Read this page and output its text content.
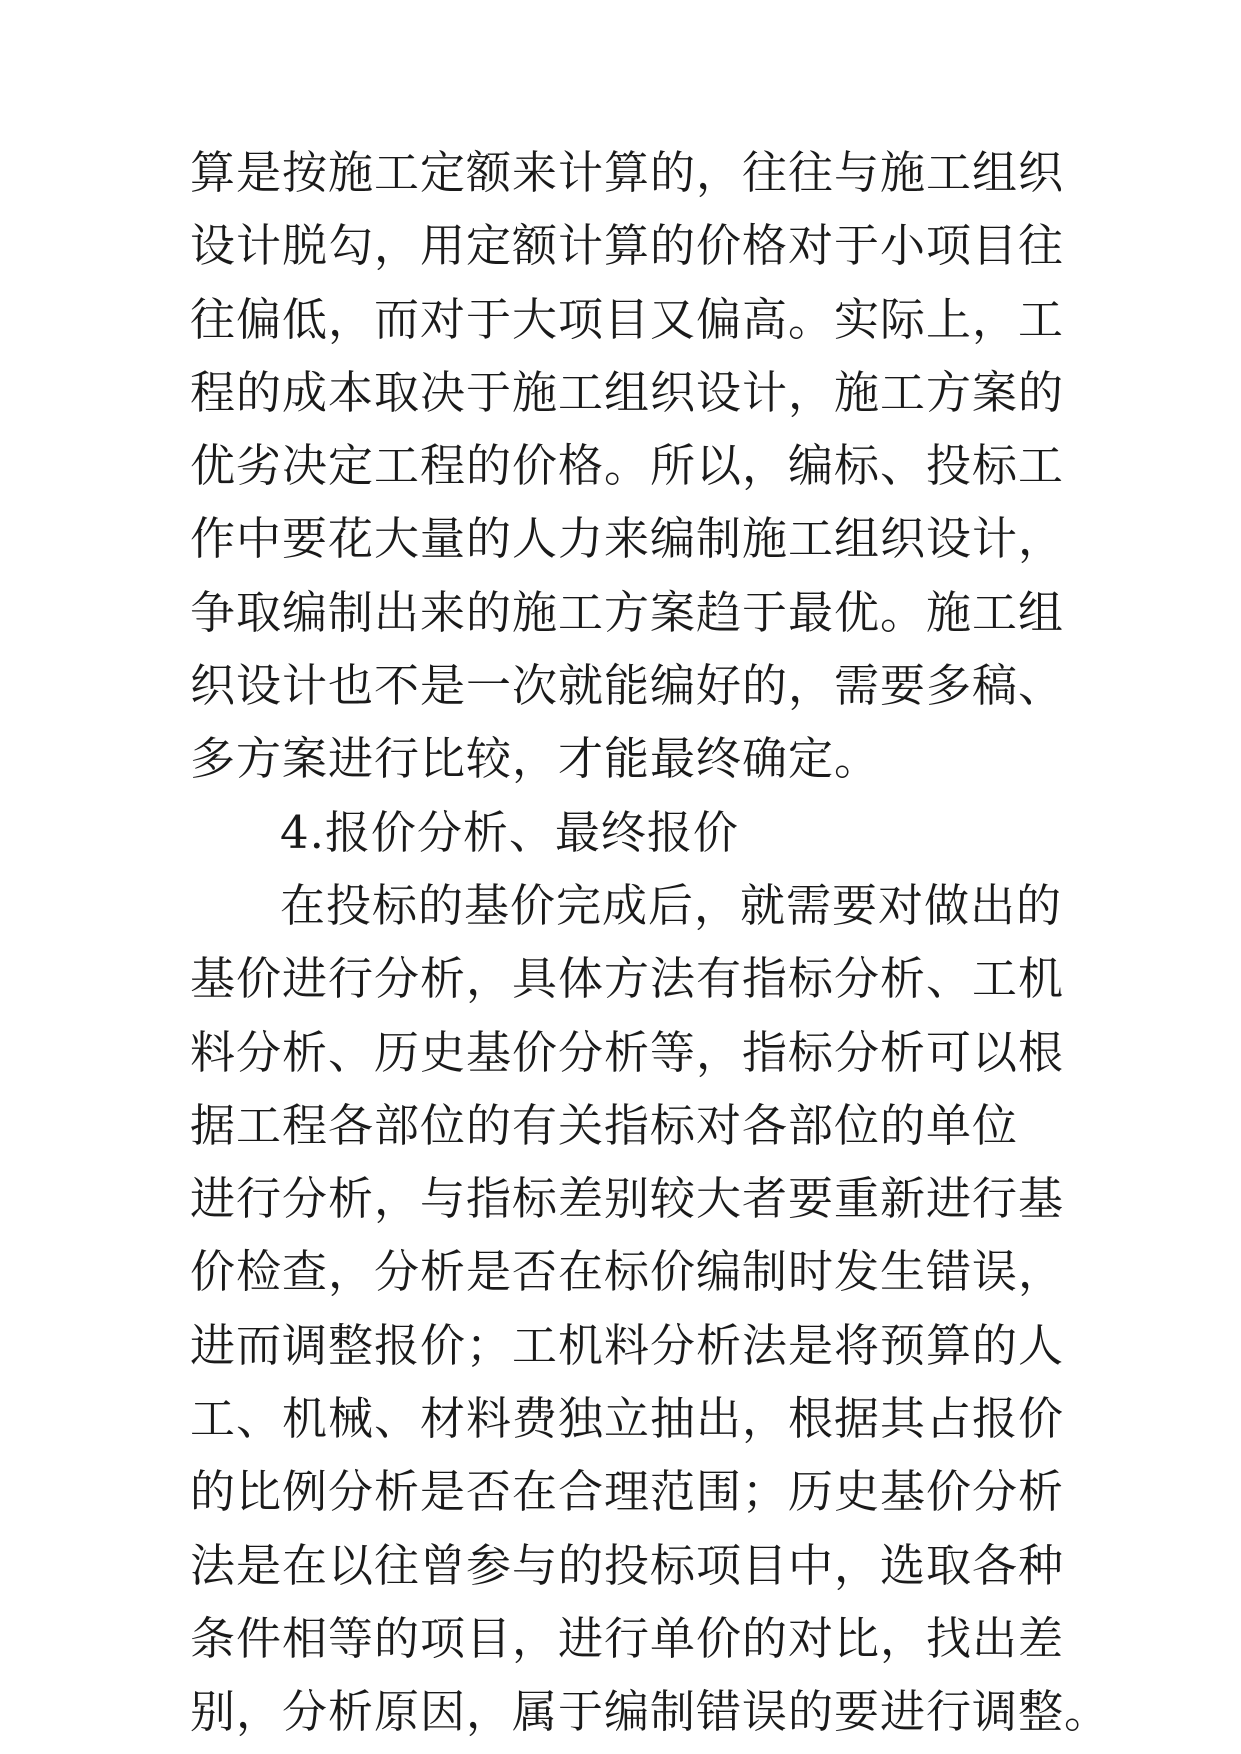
算是按施工定额来计算的，往往与施工组织
设计脱勾，用定额计算的价格对于小项目往
往偏低，而对于大项目又偏高。实际上，工
程的成本取决于施工组织设计，施工方案的
优劣决定工程的价格。所以，编标、投标工
作中要花大量的人力来编制施工组织设计，
争取编制出来的施工方案趋于最优。施工组
织设计也不是一次就能编好的，需要多稿、
多方案进行比较，才能最终确定。
4.报价分析、最终报价
在投标的基价完成后，就需要对做出的
基价进行分析，具体方法有指标分析、工机
料分析、历史基价分析等，指标分析可以根
据工程各部位的有关指标对各部位的单位
进行分析，与指标差别较大者要重新进行基
价检查，分析是否在标价编制时发生错误，
进而调整报价；工机料分析法是将预算的人
工、机械、材料费独立抽出，根据其占报价
的比例分析是否在合理范围；历史基价分析
法是在以往曾参与的投标项目中，选取各种
条件相等的项目，进行单价的对比，找出差
别，分析原因，属于编制错误的要进行调整。
